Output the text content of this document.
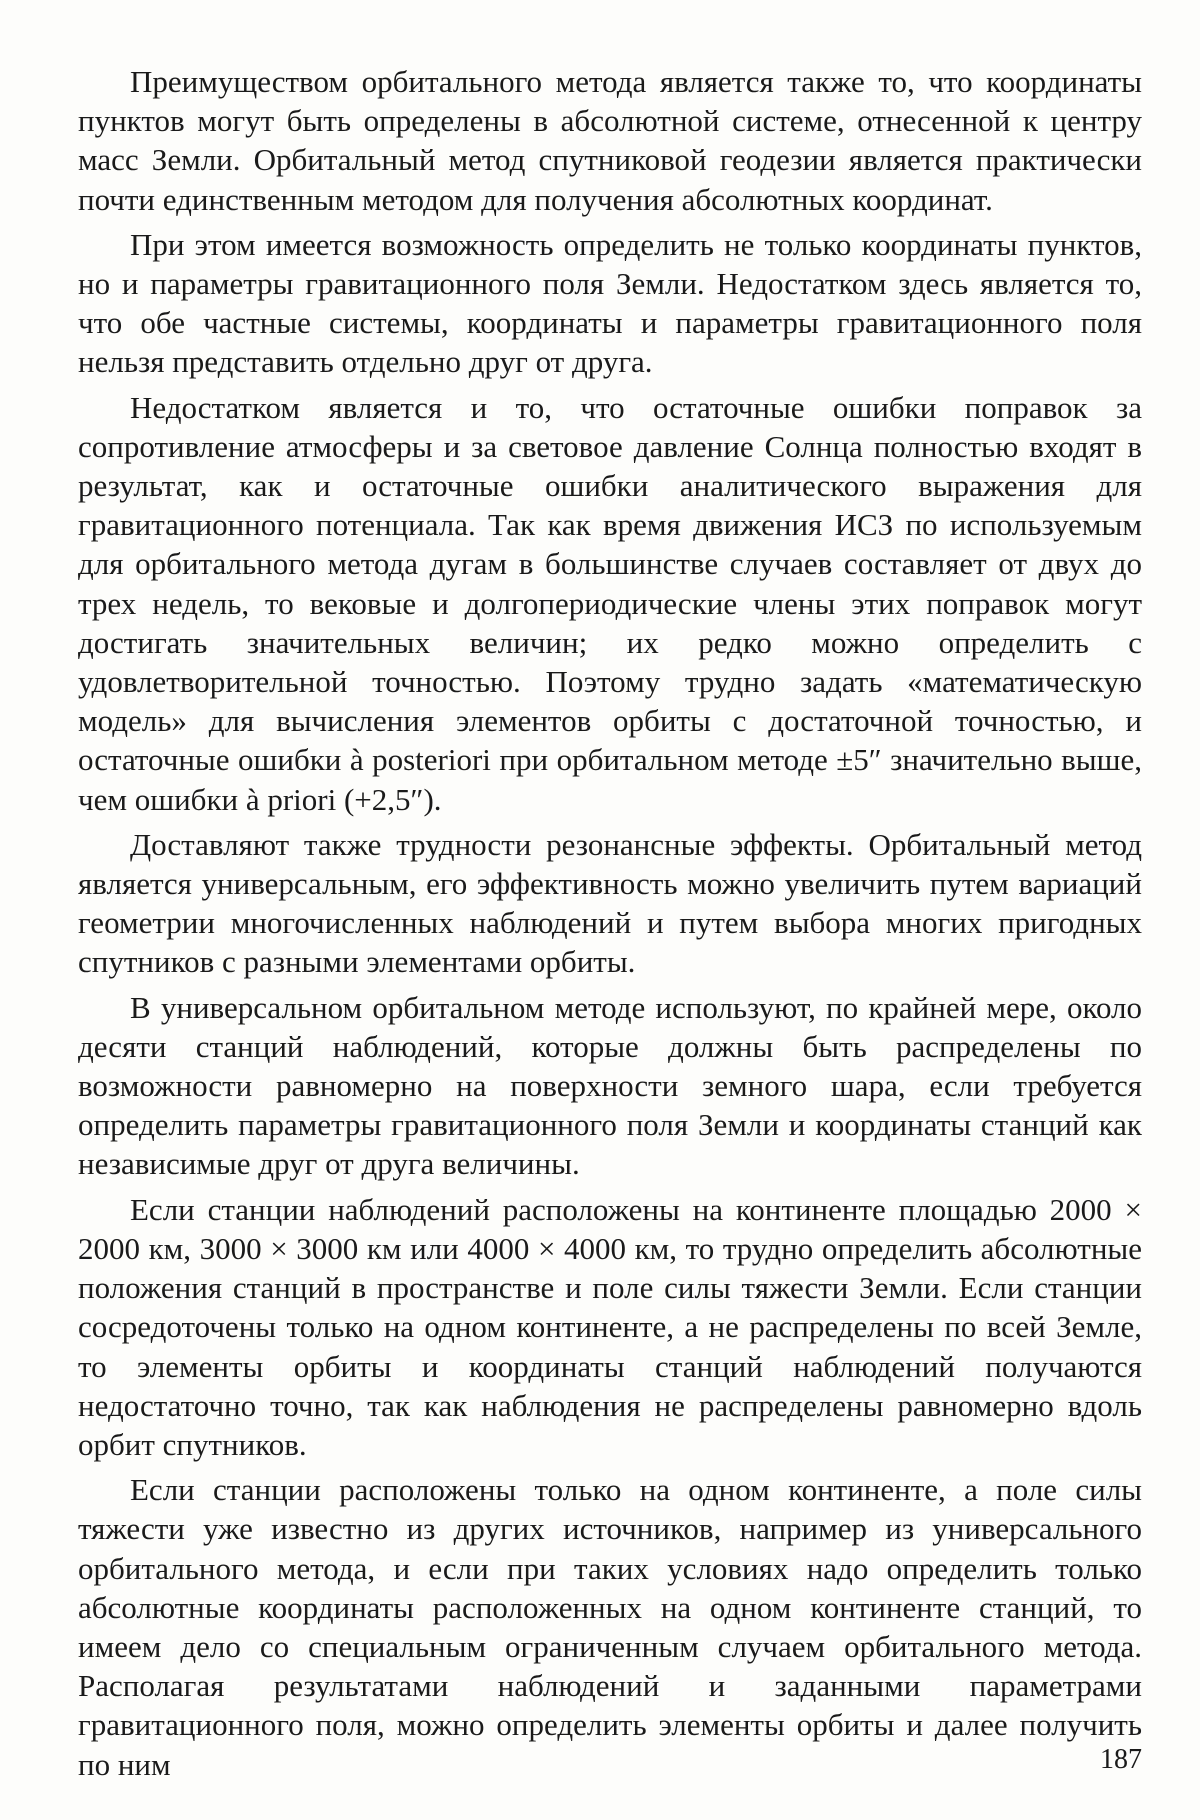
Преимуществом орбитального метода является также то, что координаты пунктов могут быть определены в абсолютной системе, отнесенной к центру масс Земли. Орбитальный метод спутниковой геодезии является практически почти единственным методом для получения абсолютных координат.

При этом имеется возможность определить не только координаты пунктов, но и параметры гравитационного поля Земли. Недостатком здесь является то, что обе частные системы, координаты и параметры гравитационного поля нельзя представить отдельно друг от друга.

Недостатком является и то, что остаточные ошибки поправок за сопротивление атмосферы и за световое давление Солнца полностью входят в результат, как и остаточные ошибки аналитического выражения для гравитационного потенциала. Так как время движения ИСЗ по используемым для орбитального метода дугам в большинстве случаев составляет от двух до трех недель, то вековые и долгопериодические члены этих поправок могут достигать значительных величин; их редко можно определить с удовлетворительной точностью. Поэтому трудно задать «математическую модель» для вычисления элементов орбиты с достаточной точностью, и остаточные ошибки à posteriori при орбитальном методе ±5″ значительно выше, чем ошибки à priori (+2,5″).

Доставляют также трудности резонансные эффекты. Орбитальный метод является универсальным, его эффективность можно увеличить путем вариаций геометрии многочисленных наблюдений и путем выбора многих пригодных спутников с разными элементами орбиты.

В универсальном орбитальном методе используют, по крайней мере, около десяти станций наблюдений, которые должны быть распределены по возможности равномерно на поверхности земного шара, если требуется определить параметры гравитационного поля Земли и координаты станций как независимые друг от друга величины.

Если станции наблюдений расположены на континенте площадью 2000 × 2000 км, 3000 × 3000 км или 4000 × 4000 км, то трудно определить абсолютные положения станций в пространстве и поле силы тяжести Земли. Если станции сосредоточены только на одном континенте, а не распределены по всей Земле, то элементы орбиты и координаты станций наблюдений получаются недостаточно точно, так как наблюдения не распределены равномерно вдоль орбит спутников.

Если станции расположены только на одном континенте, а поле силы тяжести уже известно из других источников, например из универсального орбитального метода, и если при таких условиях надо определить только абсолютные координаты расположенных на одном континенте станций, то имеем дело со специальным ограниченным случаем орбитального метода. Располагая результатами наблюдений и заданными параметрами гравитационного поля, можно определить элементы орбиты и далее получить по ним	187
